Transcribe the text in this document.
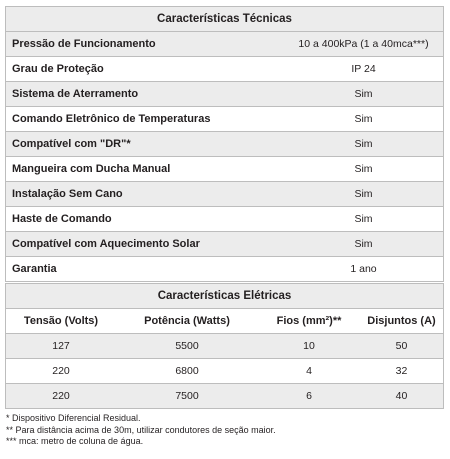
Características Técnicas
Pressão de Funcionamento	10 a 400kPa (1 a 40mca***)
Grau de Proteção	IP 24
Sistema de Aterramento	Sim
Comando Eletrônico de Temperaturas	Sim
Compatível com "DR"*	Sim
Mangueira com Ducha Manual	Sim
Instalação Sem Cano	Sim
Haste de Comando	Sim
Compatível com Aquecimento Solar	Sim
Garantia	1 ano
Características Elétricas
Tensão (Volts)	Potência (Watts)	Fios (mm²)**	Disjuntos (A)
127	5500	10	50
220	6800	4	32
220	7500	6	40
* Dispositivo Diferencial Residual.
** Para distância acima de 30m, utilizar condutores de seção maior.
*** mca: metro de coluna de água.
